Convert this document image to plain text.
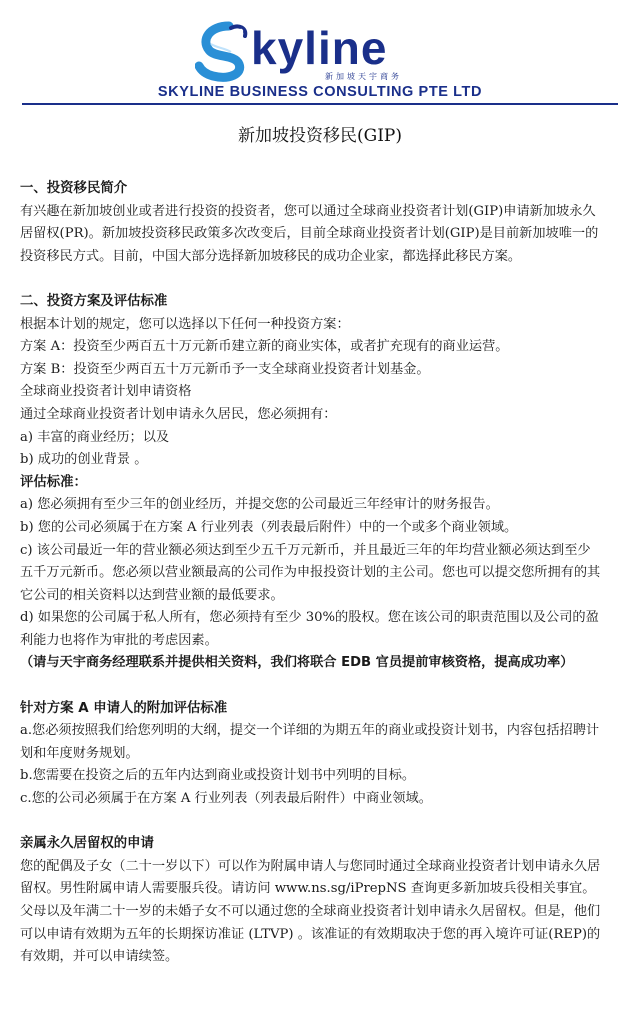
kyline
新加坡天宇商务
SKYLINE BUSINESS CONSULTING PTE LTD
新加坡投资移民(GIP)

一、投资移民简介

有兴趣在新加坡创业或者进行投资的投资者，您可以通过全球商业投资者计划(GIP)申请新加坡永久

居留权(PR)。新加坡投资移民政策多次改变后，目前全球商业投资者计划(GIP)是目前新加坡唯一的

投资移民方式。目前，中国大部分选择新加坡移民的成功企业家，都选择此移民方案。

二、投资方案及评估标准

根据本计划的规定，您可以选择以下任何一种投资方案：

方案 A：投资至少两百五十万元新币建立新的商业实体，或者扩充现有的商业运营。

方案 B：投资至少两百五十万元新币予一支全球商业投资者计划基金。

全球商业投资者计划申请资格

通过全球商业投资者计划申请永久居民，您必须拥有：

a) 丰富的商业经历；以及

b) 成功的创业背景 。

评估标准：

a) 您必须拥有至少三年的创业经历，并提交您的公司最近三年经审计的财务报告。

b) 您的公司必须属于在方案 A 行业列表（列表最后附件）中的一个或多个商业领域。

c) 该公司最近一年的营业额必须达到至少五千万元新币，并且最近三年的年均营业额必须达到至少

五千万元新币。您必须以营业额最高的公司作为申报投资计划的主公司。您也可以提交您所拥有的其

它公司的相关资料以达到营业额的最低要求。

d) 如果您的公司属于私人所有，您必须持有至少 30%的股权。您在该公司的职责范围以及公司的盈

利能力也将作为审批的考虑因素。

（请与天宇商务经理联系并提供相关资料，我们将联合 EDB 官员提前审核资格，提高成功率）

针对方案 A 申请人的附加评估标准

a.您必须按照我们给您列明的大纲，提交一个详细的为期五年的商业或投资计划书，内容包括招聘计

划和年度财务规划。

b.您需要在投资之后的五年内达到商业或投资计划书中列明的目标。

c.您的公司必须属于在方案 A 行业列表（列表最后附件）中商业领域。

亲属永久居留权的申请

您的配偶及子女（二十一岁以下）可以作为附属申请人与您同时通过全球商业投资者计划申请永久居

留权。男性附属申请人需要服兵役。请访问 www.ns.sg/iPrepNS 查询更多新加坡兵役相关事宜。

父母以及年满二十一岁的未婚子女不可以通过您的全球商业投资者计划申请永久居留权。但是，他们

可以申请有效期为五年的长期探访准证 (LTVP) 。该准证的有效期取决于您的再入境许可证(REP)的

有效期，并可以申请续签。
